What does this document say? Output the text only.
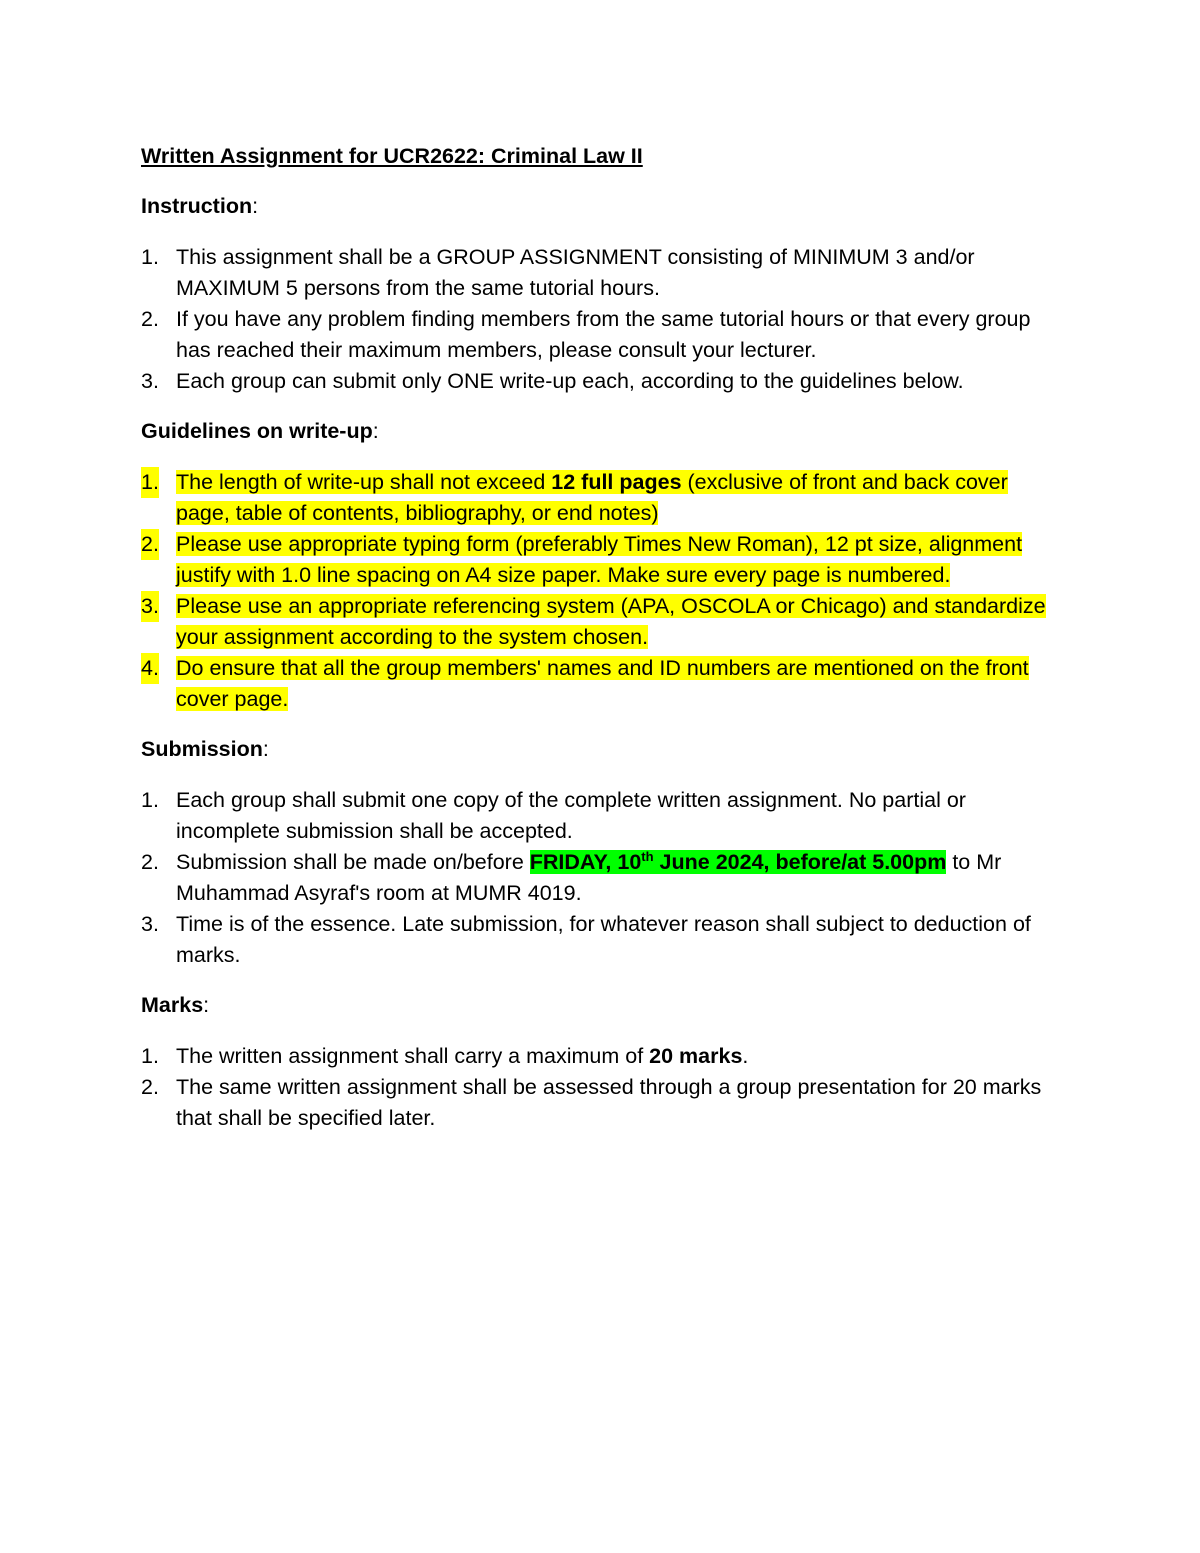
Written Assignment for UCR2622: Criminal Law II
Instruction:
1. This assignment shall be a GROUP ASSIGNMENT consisting of MINIMUM 3 and/or MAXIMUM 5 persons from the same tutorial hours.
2. If you have any problem finding members from the same tutorial hours or that every group has reached their maximum members, please consult your lecturer.
3. Each group can submit only ONE write-up each, according to the guidelines below.
Guidelines on write-up:
1. The length of write-up shall not exceed 12 full pages (exclusive of front and back cover page, table of contents, bibliography, or end notes)
2. Please use appropriate typing form (preferably Times New Roman), 12 pt size, alignment justify with 1.0 line spacing on A4 size paper. Make sure every page is numbered.
3. Please use an appropriate referencing system (APA, OSCOLA or Chicago) and standardize your assignment according to the system chosen.
4. Do ensure that all the group members' names and ID numbers are mentioned on the front cover page.
Submission:
1. Each group shall submit one copy of the complete written assignment. No partial or incomplete submission shall be accepted.
2. Submission shall be made on/before FRIDAY, 10th June 2024, before/at 5.00pm to Mr Muhammad Asyraf's room at MUMR 4019.
3. Time is of the essence. Late submission, for whatever reason shall subject to deduction of marks.
Marks:
1. The written assignment shall carry a maximum of 20 marks.
2. The same written assignment shall be assessed through a group presentation for 20 marks that shall be specified later.
